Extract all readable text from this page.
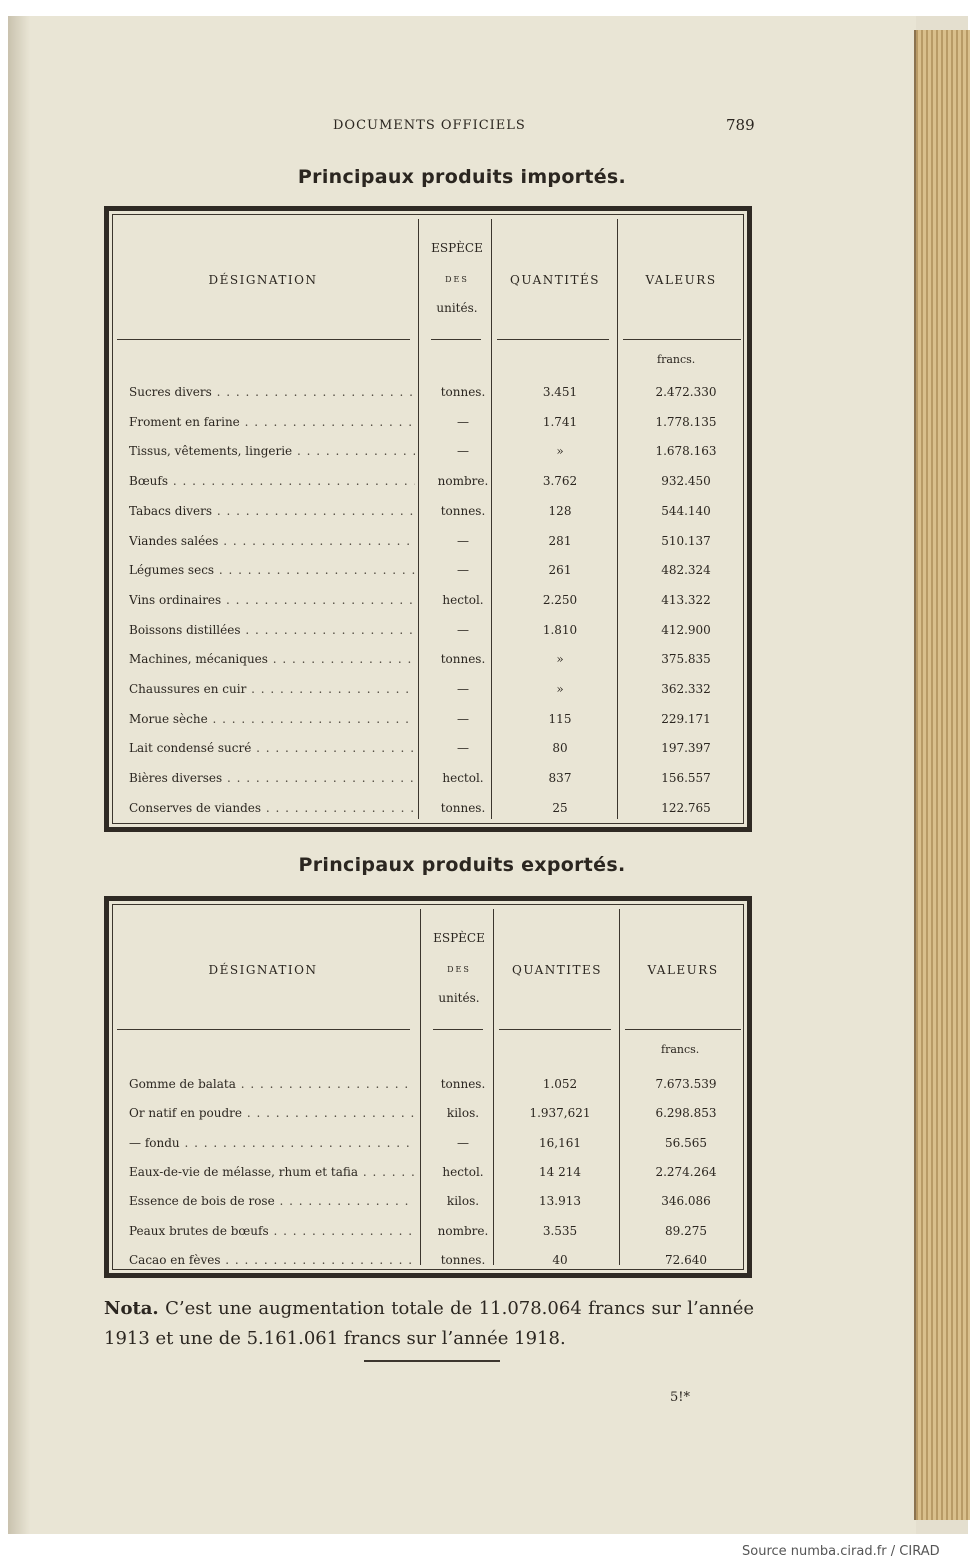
DOCUMENTS OFFICIELS	789
Principaux produits importés.
DÉSIGNATION
ESPÈCE
DES
unités.
QUANTITÉS	VALEURS
francs.
Sucres divers . . .	tonnes.	3.451	2.472.330
Froment en farine . . .	—	1.741	1.778.135
Tissus, vêtements, lingerie . . .	—	»	1.678.163
Bœufs . . .	nombre.	3.762	932.450
Tabacs divers . . .	tonnes.	128	544.140
Viandes salées . . .	—	281	510.137
Légumes secs . . .	—	261	482.324
Vins ordinaires . . .	hectol.	2.250	413.322
Boissons distillées . . .	—	1.810	412.900
Machines, mécaniques . . .	tonnes.	»	375.835
Chaussures en cuir . . .	—	»	362.332
Morue sèche . . .	—	115	229.171
Lait condensé sucré . . .	—	80	197.397
Bières diverses . . .	hectol.	837	156.557
Conserves de viandes . . .	tonnes.	25	122.765
Principaux produits exportés.
DÉSIGNATION
ESPÈCE
DES
unités.
QUANTITES	VALEURS
francs.
Gomme de balata . . .	tonnes.	1.052	7.673.539
Or natif en poudre . . .	kilos.	1.937,621	6.298.853
— fondu . . .	—	16,161	56.565
Eaux-de-vie de mélasse, rhum et tafia . . .	hectol.	14 214	2.274.264
Essence de bois de rose . . .	kilos.	13.913	346.086
Peaux brutes de bœufs . . .	nombre.	3.535	89.275
Cacao en fèves . . .	tonnes.	40	72.640
Nota. C’est une augmentation totale de 11.078.064 francs sur l’année 1913 et une de 5.161.061 francs sur l’année 1918.
5!*
Source numba.cirad.fr / CIRAD
